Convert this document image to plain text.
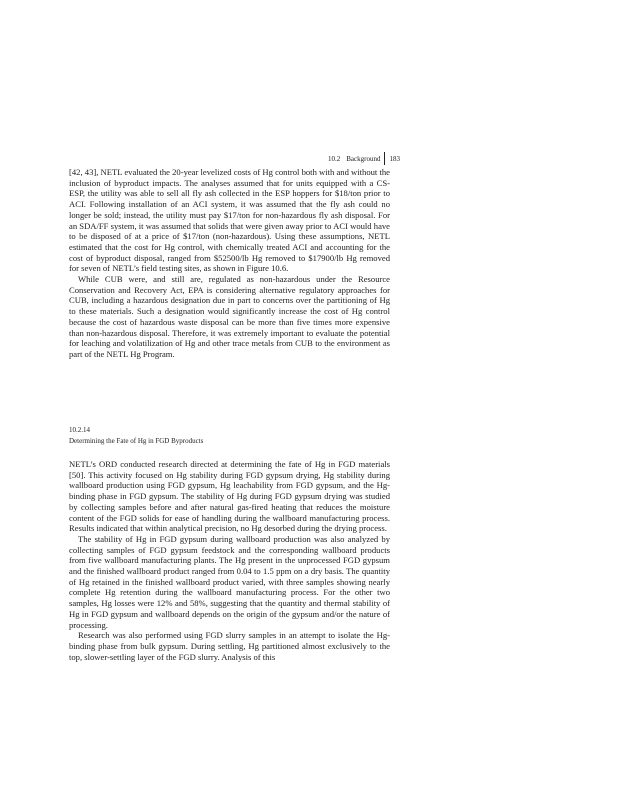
10.2 Background 183

[42, 43], NETL evaluated the 20-year levelized costs of Hg control both with and without the inclusion of byproduct impacts. The analyses assumed that for units equipped with a CS-ESP, the utility was able to sell all fly ash collected in the ESP hoppers for $18/ton prior to ACI. Following installation of an ACI system, it was assumed that the fly ash could no longer be sold; instead, the utility must pay $17/ton for non-hazardous fly ash disposal. For an SDA/FF system, it was assumed that solids that were given away prior to ACI would have to be disposed of at a price of $17/ton (non-hazardous). Using these assumptions, NETL estimated that the cost for Hg control, with chemically treated ACI and accounting for the cost of byproduct disposal, ranged from $52500/lb Hg removed to $17900/lb Hg removed for seven of NETL’s field testing sites, as shown in Figure 10.6.

While CUB were, and still are, regulated as non-hazardous under the Resource Conservation and Recovery Act, EPA is considering alternative regulatory approaches for CUB, including a hazardous designation due in part to concerns over the partitioning of Hg to these materials. Such a designation would significantly increase the cost of Hg control because the cost of hazardous waste disposal can be more than five times more expensive than non-hazardous disposal. Therefore, it was extremely important to evaluate the potential for leaching and volatilization of Hg and other trace metals from CUB to the environment as part of the NETL Hg Program.

10.2.14
Determining the Fate of Hg in FGD Byproducts

NETL’s ORD conducted research directed at determining the fate of Hg in FGD materials [50]. This activity focused on Hg stability during FGD gypsum drying, Hg stability during wallboard production using FGD gypsum, Hg leachability from FGD gypsum, and the Hg-binding phase in FGD gypsum. The stability of Hg during FGD gypsum drying was studied by collecting samples before and after natural gas-fired heating that reduces the moisture content of the FGD solids for ease of handling during the wallboard manufacturing process. Results indicated that within analytical precision, no Hg desorbed during the drying process.

The stability of Hg in FGD gypsum during wallboard production was also analyzed by collecting samples of FGD gypsum feedstock and the corresponding wallboard products from five wallboard manufacturing plants. The Hg present in the unprocessed FGD gypsum and the finished wallboard product ranged from 0.04 to 1.5 ppm on a dry basis. The quantity of Hg retained in the finished wallboard product varied, with three samples showing nearly complete Hg retention during the wallboard manufacturing process. For the other two samples, Hg losses were 12% and 58%, suggesting that the quantity and thermal stability of Hg in FGD gypsum and wallboard depends on the origin of the gypsum and/or the nature of processing.

Research was also performed using FGD slurry samples in an attempt to isolate the Hg-binding phase from bulk gypsum. During settling, Hg partitioned almost exclusively to the top, slower-settling layer of the FGD slurry. Analysis of this
